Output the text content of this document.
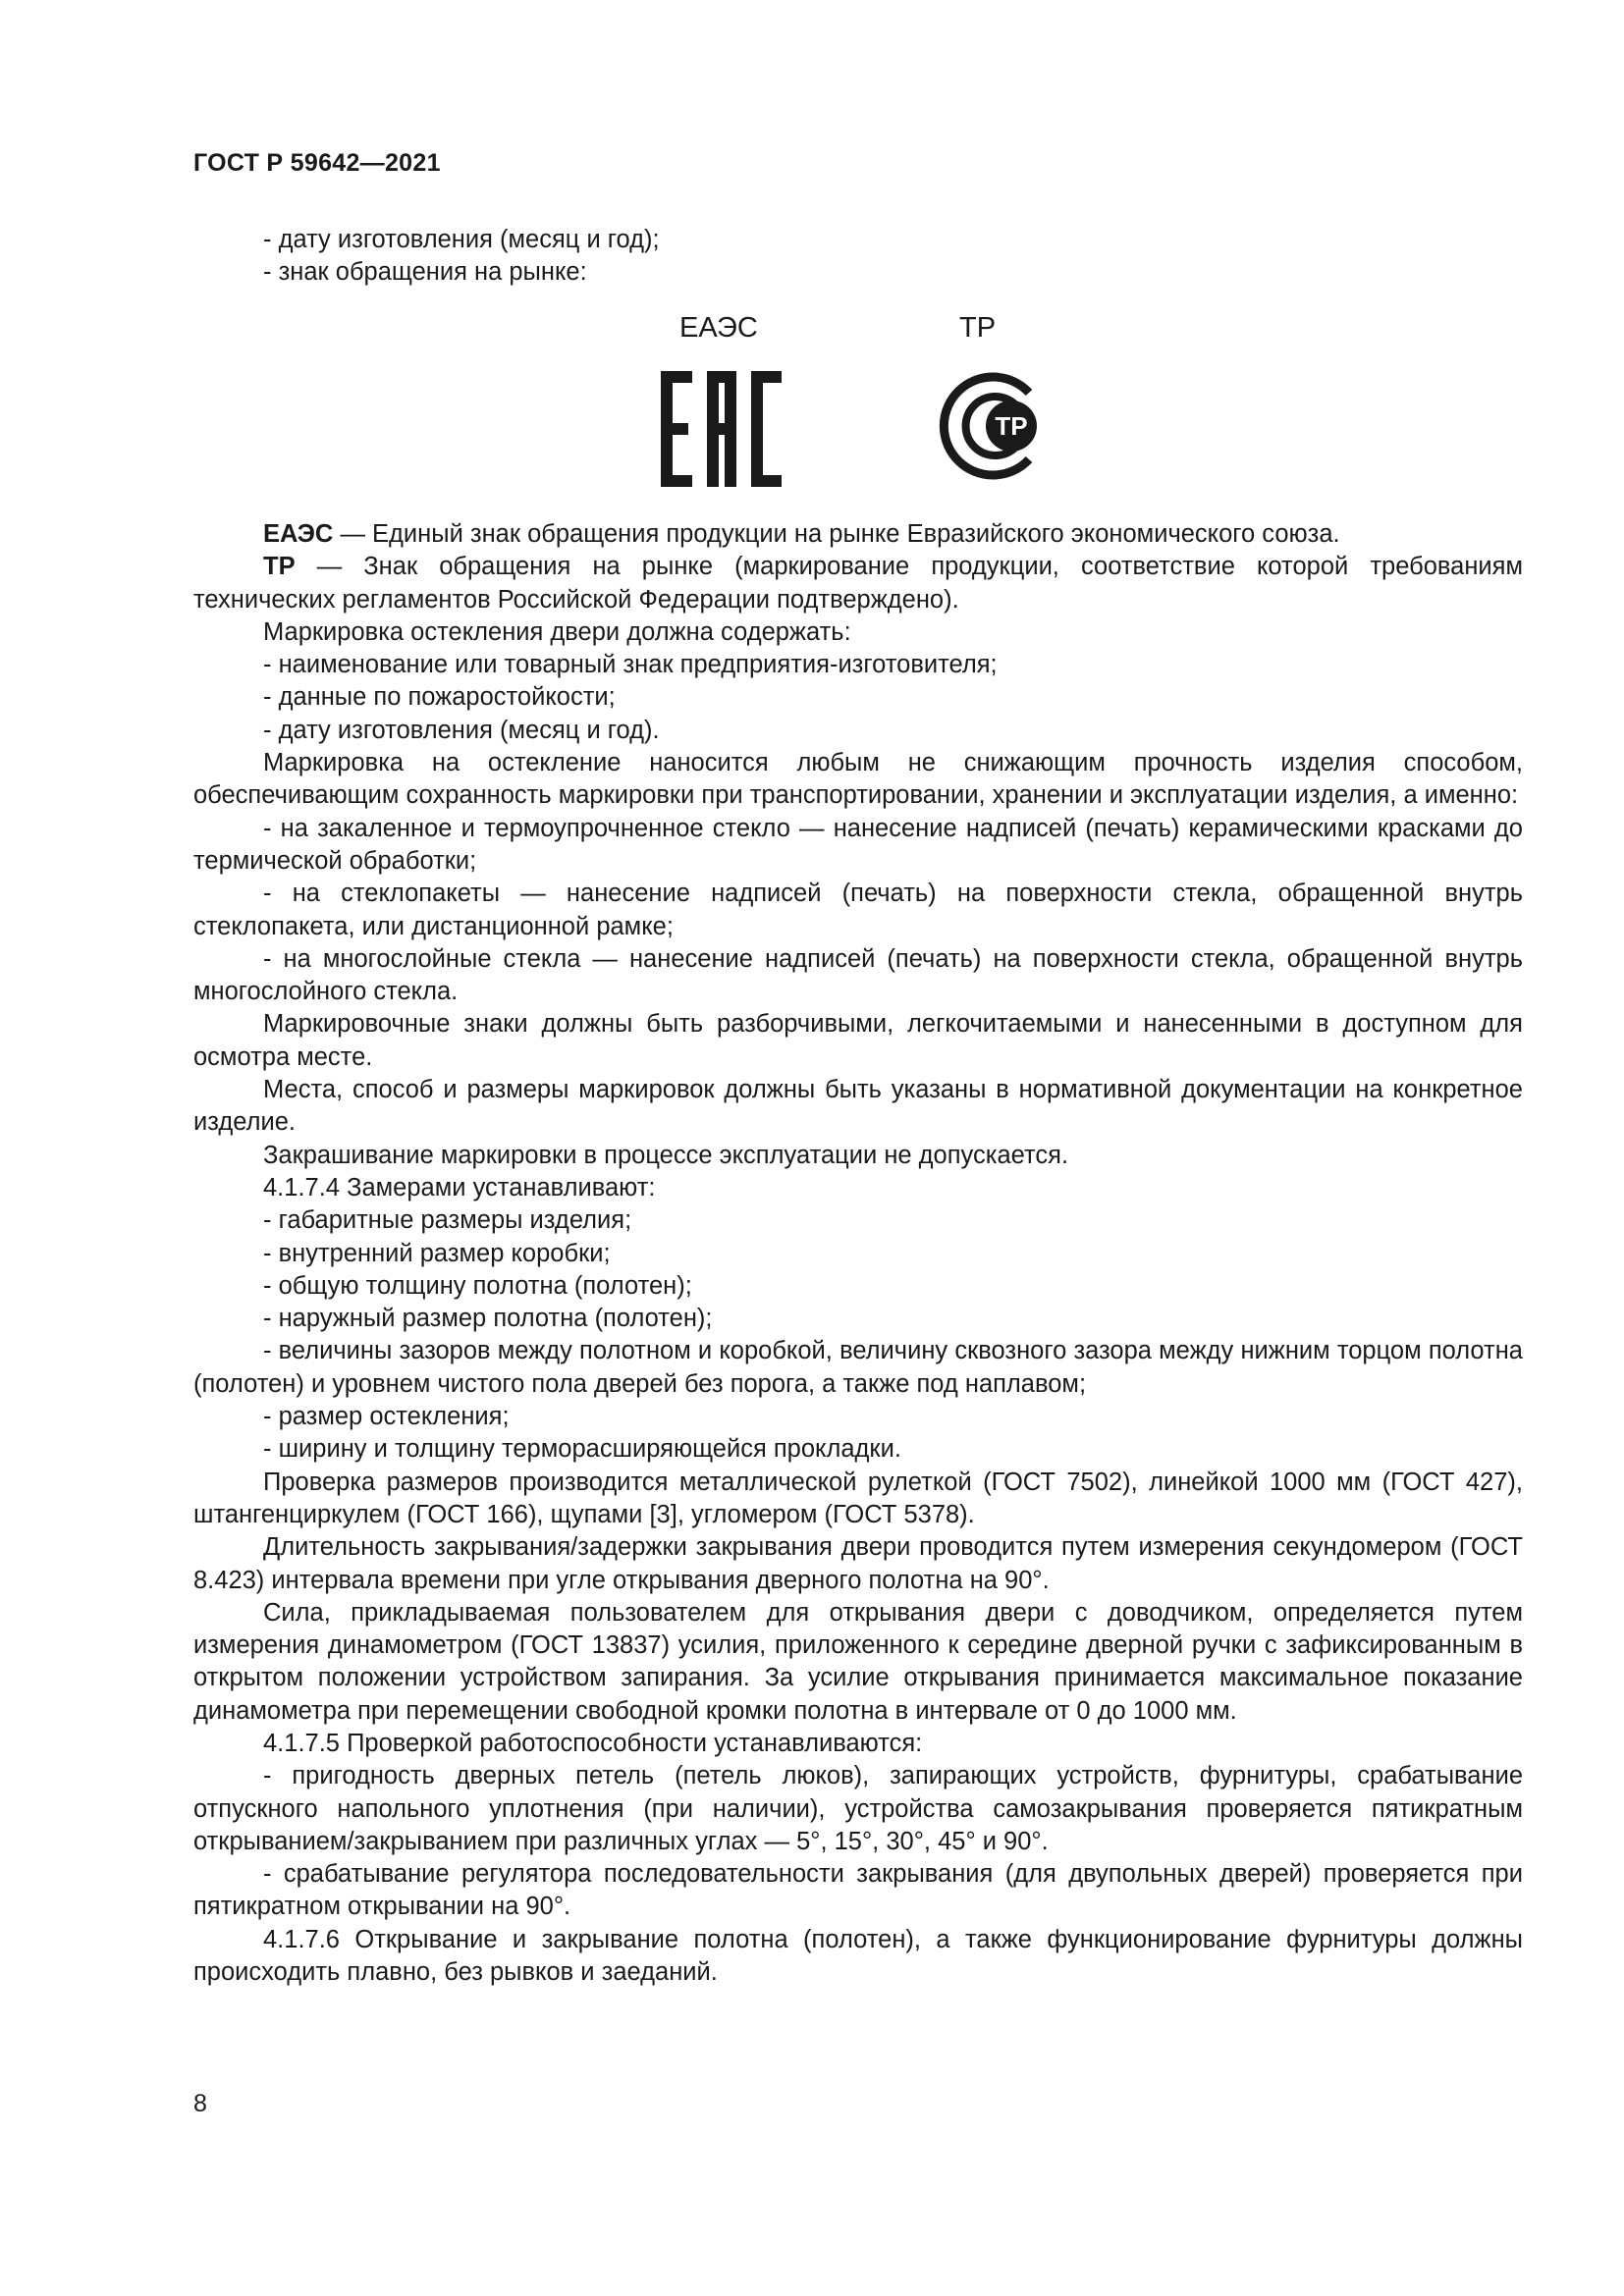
ГОСТ Р 59642—2021

- дату изготовления (месяц и год);

- знак обращения на рынке:

ЕАЭС	ТР
ТР

ЕАЭС — Единый знак обращения продукции на рынке Евразийского экономического союза.

ТР — Знак обращения на рынке (маркирование продукции, соответствие которой требованиям технических регламентов Российской Федерации подтверждено).

Маркировка остекления двери должна содержать:

- наименование или товарный знак предприятия-изготовителя;

- данные по пожаростойкости;

- дату изготовления (месяц и год).

Маркировка на остекление наносится любым не снижающим прочность изделия способом, обеспечивающим сохранность маркировки при транспортировании, хранении и эксплуатации изделия, а именно:

- на закаленное и термоупрочненное стекло — нанесение надписей (печать) керамическими красками до термической обработки;

- на стеклопакеты — нанесение надписей (печать) на поверхности стекла, обращенной внутрь стеклопакета, или дистанционной рамке;

- на многослойные стекла — нанесение надписей (печать) на поверхности стекла, обращенной внутрь многослойного стекла.

Маркировочные знаки должны быть разборчивыми, легкочитаемыми и нанесенными в доступном для осмотра месте.

Места, способ и размеры маркировок должны быть указаны в нормативной документации на конкретное изделие.

Закрашивание маркировки в процессе эксплуатации не допускается.

4.1.7.4 Замерами устанавливают:

- габаритные размеры изделия;

- внутренний размер коробки;

- общую толщину полотна (полотен);

- наружный размер полотна (полотен);

- величины зазоров между полотном и коробкой, величину сквозного зазора между нижним торцом полотна (полотен) и уровнем чистого пола дверей без порога, а также под наплавом;

- размер остекления;

- ширину и толщину терморасширяющейся прокладки.

Проверка размеров производится металлической рулеткой (ГОСТ 7502), линейкой 1000 мм (ГОСТ 427), штангенциркулем (ГОСТ 166), щупами [3], угломером (ГОСТ 5378).

Длительность закрывания/задержки закрывания двери проводится путем измерения секундомером (ГОСТ 8.423) интервала времени при угле открывания дверного полотна на 90°.

Сила, прикладываемая пользователем для открывания двери с доводчиком, определяется путем измерения динамометром (ГОСТ 13837) усилия, приложенного к середине дверной ручки с зафиксированным в открытом положении устройством запирания. За усилие открывания принимается максимальное показание динамометра при перемещении свободной кромки полотна в интервале от 0 до 1000 мм.

4.1.7.5 Проверкой работоспособности устанавливаются:

- пригодность дверных петель (петель люков), запирающих устройств, фурнитуры, срабатывание отпускного напольного уплотнения (при наличии), устройства самозакрывания проверяется пятикратным открыванием/закрыванием при различных углах — 5°, 15°, 30°, 45° и 90°.

- срабатывание регулятора последовательности закрывания (для двупольных дверей) проверяется при пятикратном открывании на 90°.

4.1.7.6 Открывание и закрывание полотна (полотен), а также функционирование фурнитуры должны происходить плавно, без рывков и заеданий.

8
